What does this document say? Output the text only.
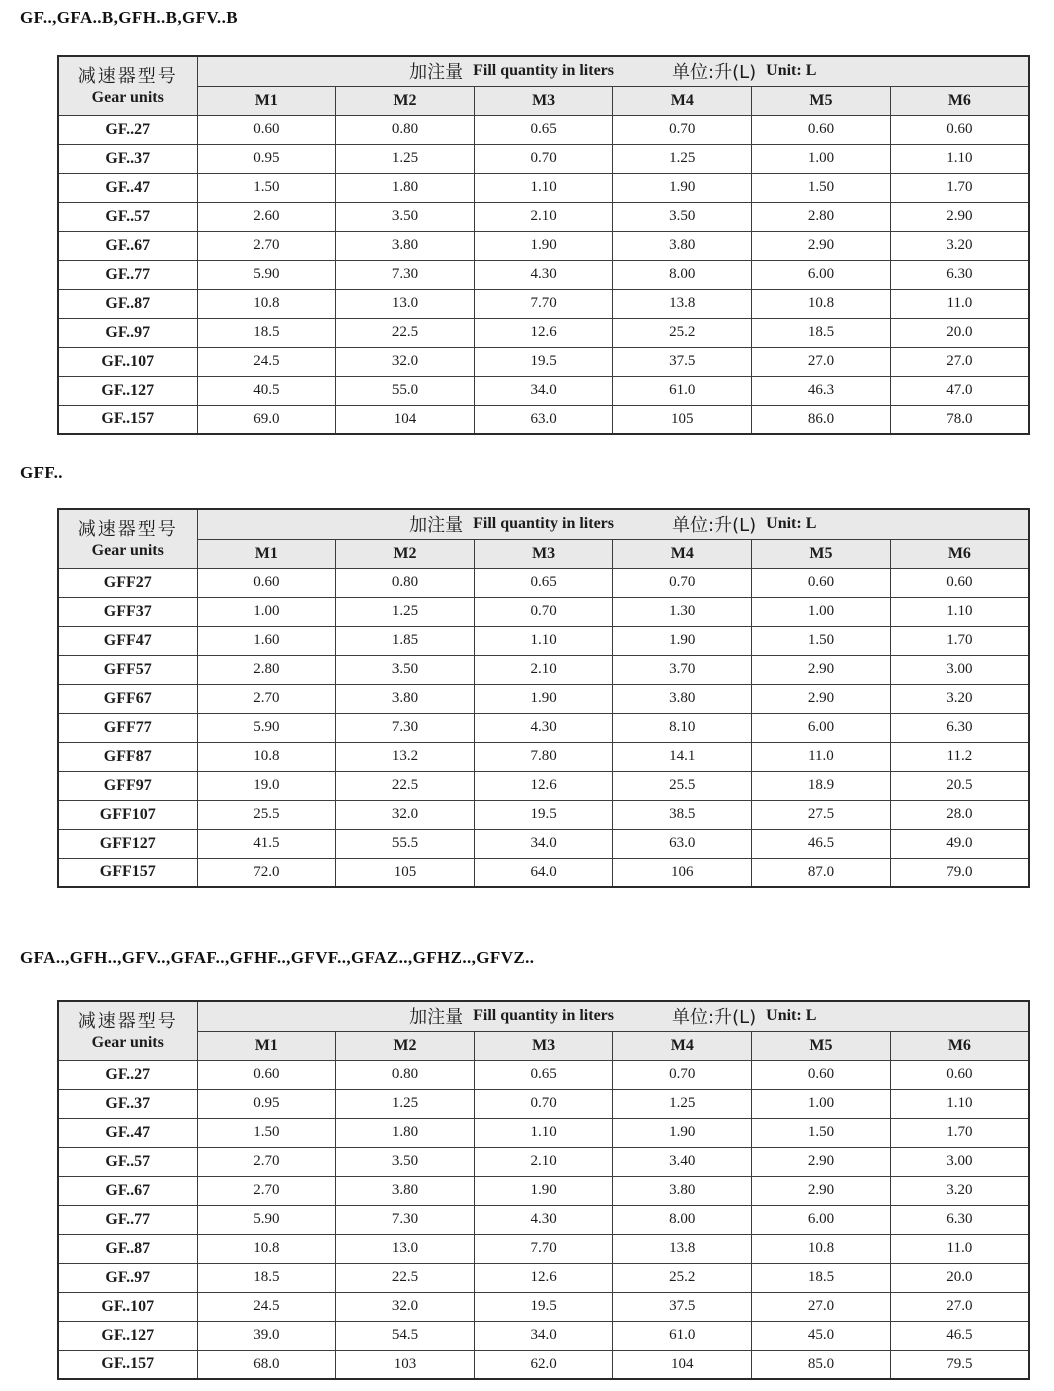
GF..,GFA..B,GFH..B,GFV..B
减速器型号
Gear units	加注量 Fill quantity in liters 单位:升(L) Unit: L					

	M1	M2	M3	M4	M5	M6
GF..27	0.60	0.80	0.65	0.70	0.60	0.60
GF..37	0.95	1.25	0.70	1.25	1.00	1.10
GF..47	1.50	1.80	1.10	1.90	1.50	1.70
GF..57	2.60	3.50	2.10	3.50	2.80	2.90
GF..67	2.70	3.80	1.90	3.80	2.90	3.20
GF..77	5.90	7.30	4.30	8.00	6.00	6.30
GF..87	10.8	13.0	7.70	13.8	10.8	11.0
GF..97	18.5	22.5	12.6	25.2	18.5	20.0
GF..107	24.5	32.0	19.5	37.5	27.0	27.0
GF..127	40.5	55.0	34.0	61.0	46.3	47.0
GF..157	69.0	104	63.0	105	86.0	78.0
GFF..
减速器型号
Gear units	加注量 Fill quantity in liters 单位:升(L) Unit: L					

	M1	M2	M3	M4	M5	M6
GFF27	0.60	0.80	0.65	0.70	0.60	0.60
GFF37	1.00	1.25	0.70	1.30	1.00	1.10
GFF47	1.60	1.85	1.10	1.90	1.50	1.70
GFF57	2.80	3.50	2.10	3.70	2.90	3.00
GFF67	2.70	3.80	1.90	3.80	2.90	3.20
GFF77	5.90	7.30	4.30	8.10	6.00	6.30
GFF87	10.8	13.2	7.80	14.1	11.0	11.2
GFF97	19.0	22.5	12.6	25.5	18.9	20.5
GFF107	25.5	32.0	19.5	38.5	27.5	28.0
GFF127	41.5	55.5	34.0	63.0	46.5	49.0
GFF157	72.0	105	64.0	106	87.0	79.0
GFA..,GFH..,GFV..,GFAF..,GFHF..,GFVF..,GFAZ..,GFHZ..,GFVZ..
减速器型号
Gear units	加注量 Fill quantity in liters 单位:升(L) Unit: L					

	M1	M2	M3	M4	M5	M6
GF..27	0.60	0.80	0.65	0.70	0.60	0.60
GF..37	0.95	1.25	0.70	1.25	1.00	1.10
GF..47	1.50	1.80	1.10	1.90	1.50	1.70
GF..57	2.70	3.50	2.10	3.40	2.90	3.00
GF..67	2.70	3.80	1.90	3.80	2.90	3.20
GF..77	5.90	7.30	4.30	8.00	6.00	6.30
GF..87	10.8	13.0	7.70	13.8	10.8	11.0
GF..97	18.5	22.5	12.6	25.2	18.5	20.0
GF..107	24.5	32.0	19.5	37.5	27.0	27.0
GF..127	39.0	54.5	34.0	61.0	45.0	46.5
GF..157	68.0	103	62.0	104	85.0	79.5
